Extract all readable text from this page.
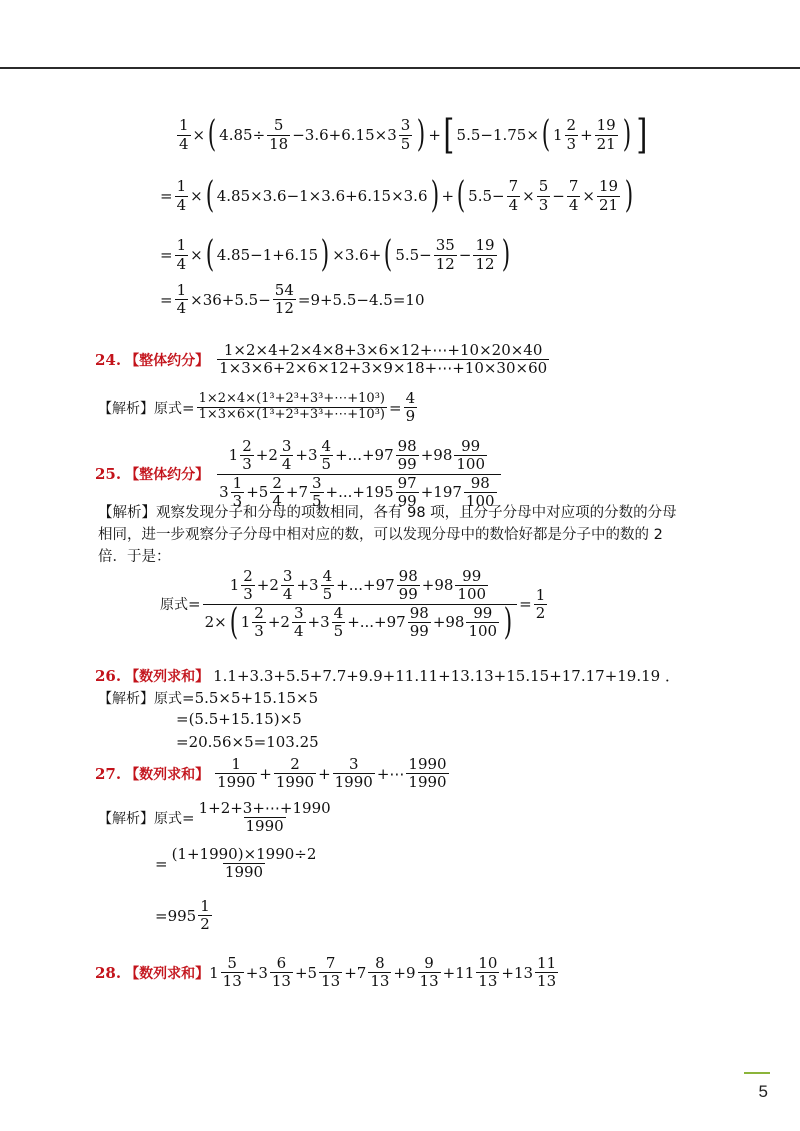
$\frac{1}{4}$ × ( $4.85\div \frac{5}{18} -3.6+6.15\times 3 \frac{3}{5}$ ) + [ 5.5−1.75× ( $1 \frac{2}{3} + \frac{19}{21}$ ) ]
= $\frac{1}{4}$ × ( 4.85×3.6−1×3.6+6.15×3.6 ) + ( $5.5- \frac{7}{4} \times \frac{5}{3} - \frac{7}{4} \times \frac{19}{21}$ )
= $\frac{1}{4}$ × ( 4.85−1+6.15 ) ×3.6+ ( $5.5- \frac{35}{12} - \frac{19}{12}$ )
= $\frac{1}{4} \times 36+5.5- \frac{54}{12} =9+5.5-4.5=10$
24. 【整体约分】 $\frac{1\times 2\times 4+2\times 4\times 8+3\times 6\times 12+\cdots+10\times 20\times 40}{1\times 3\times 6+2\times 6\times 12+3\times 9\times 18+\cdots+10\times 30\times 60}$
【解析】原式 = $\frac{\text{1×2×4×(1³+2³+3³+⋯+10³)}}{\text{1×3×6×(1³+2³+3³+⋯+10³)}} = \frac{4}{9}$
25. 【整体约分】 $\frac{1 \frac{2}{3} +2 \frac{3}{4} +3 \frac{4}{5} +...+97 \frac{98}{99} +98 \frac{99}{100}}{3 \frac{1}{3} +5 \frac{2}{4} +7 \frac{3}{5} +...+195 \frac{97}{99} +197 \frac{98}{100}}$
【解析】观察发现分子和分母的项数相同，各有 98 项，且分子分母中对应项的分数的分母相同，进一步观察分子分母中相对应的数，可以发现分母中的数恰好都是分子中的数的 2 倍．于是：
原式 = $\frac{1 \frac{2}{3} +2 \frac{3}{4} +3 \frac{4}{5} +...+97 \frac{98}{99} +98 \frac{99}{100}}{2\times ( 1 \frac{2}{3} +2 \frac{3}{4} +3 \frac{4}{5} +...+97 \frac{98}{99} +98 \frac{99}{100} )} = \frac{1}{2}$
26. 【数列求和】 1.1+3.3+5.5+7.7+9.9+11.11+13.13+15.15+17.17+19.19 ．
【解析】原式 =5.5×5+15.15×5
=(5.5+15.15)×5
=20.56×5=103.25
27. 【数列求和】 $\frac{1}{1990} + \frac{2}{1990} + \frac{3}{1990}$ +⋯ $\frac{1990}{1990}$
【解析】原式 = $\frac{1+2+3+\cdots+1990}{1990}$
= $\frac{(1+1990)\times 1990\div 2}{1990}$
$=995 \frac{1}{2}$
28. 【数列求和】 $1 \frac{5}{13} +3 \frac{6}{13} +5 \frac{7}{13} +7 \frac{8}{13} +9 \frac{9}{13} +11 \frac{10}{13} +13 \frac{11}{13}$
5
